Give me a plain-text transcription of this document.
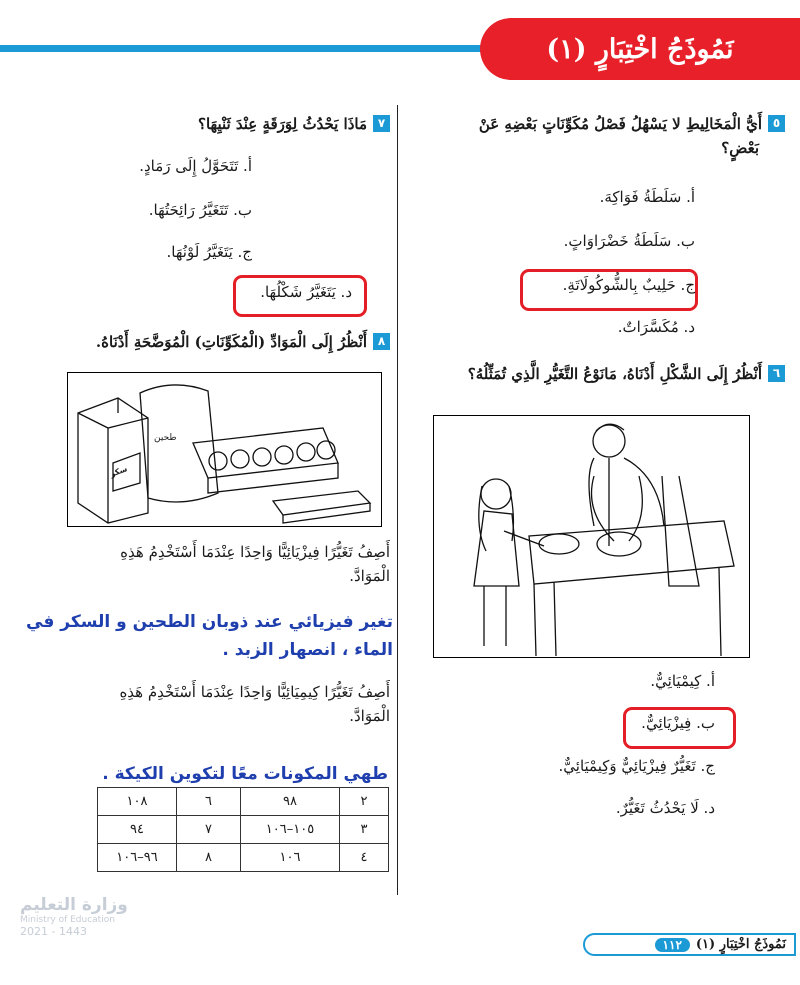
نَمُوذَجُ اخْتِبَارٍ (١)
٥أَيُّ الْمَخَالِيطِ لا يَسْهُلُ فَصْلُ مُكَوِّنَاتٍ بَعْضِهِ عَنْ
بَعْضٍ؟
أ. سَلَطَةُ فَوَاكِهَ.
ب. سَلَطَةُ خَضْرَاوَاتٍ.
ج. حَلِيبٌ بِالشُّوكُولَاتَةِ.
د. مُكَسَّرَاتٌ.
٦أَنْظُرُ إِلَى الشَّكْلِ أَدْنَاهُ، مَانَوْعُ التَّغَيُّرِ الَّذِي تُمَثِّلُهُ؟
أ. كِيمْيَائِيٌّ.
ب. فِيزْيَائِيٌّ.
ج. تَغَيُّرٌ فِيزْيَائِيٌّ وَكِيمْيَائِيٌّ.
د. لَا يَحْدُثُ تَغَيُّرٌ.
٧مَاذَا يَحْدُثُ لِوَرَقَةٍ عِنْدَ ثَنْيِهَا؟
أ. تَتَحَوَّلُ إِلَى رَمَادٍ.
ب. تَتَغَيَّرُ رَائِحَتُهَا.
ج. يَتَغَيَّرُ لَوْنُهَا.
د. يَتَغَيَّرُ شَكْلُهَا.
٨أَنْظُرُ إِلَى الْمَوَادِّ (الْمُكَوِّنَاتِ) الْمُوَضَّحَةِ أَدْنَاهُ.
طحين
سكر
أَصِفُ تَغَيُّرًا فِيزْيَائِيًّا وَاحِدًا عِنْدَمَا أَسْتَخْدِمُ هَذِهِ
الْمَوَادَّ.
تغير فيزيائي عند ذوبان الطحين و السكر في الماء ، انصهار الزبد .
أَصِفُ تَغَيُّرًا كِيمِيَائِيًّا وَاحِدًا عِنْدَمَا أَسْتَخْدِمُ هَذِهِ
الْمَوَادَّ.
طهي المكونات معًا لتكوين الكيكة .
٢	٩٨	٦	١٠٨
٣	١٠٥–١٠٦	٧	٩٤
٤	١٠٦	٨	٩٦–١٠٦
وزارة التعليم
Ministry of Education
2021 - 1443
نَمُوذَجُ اخْتِبَارٍ (١)
١١٢
